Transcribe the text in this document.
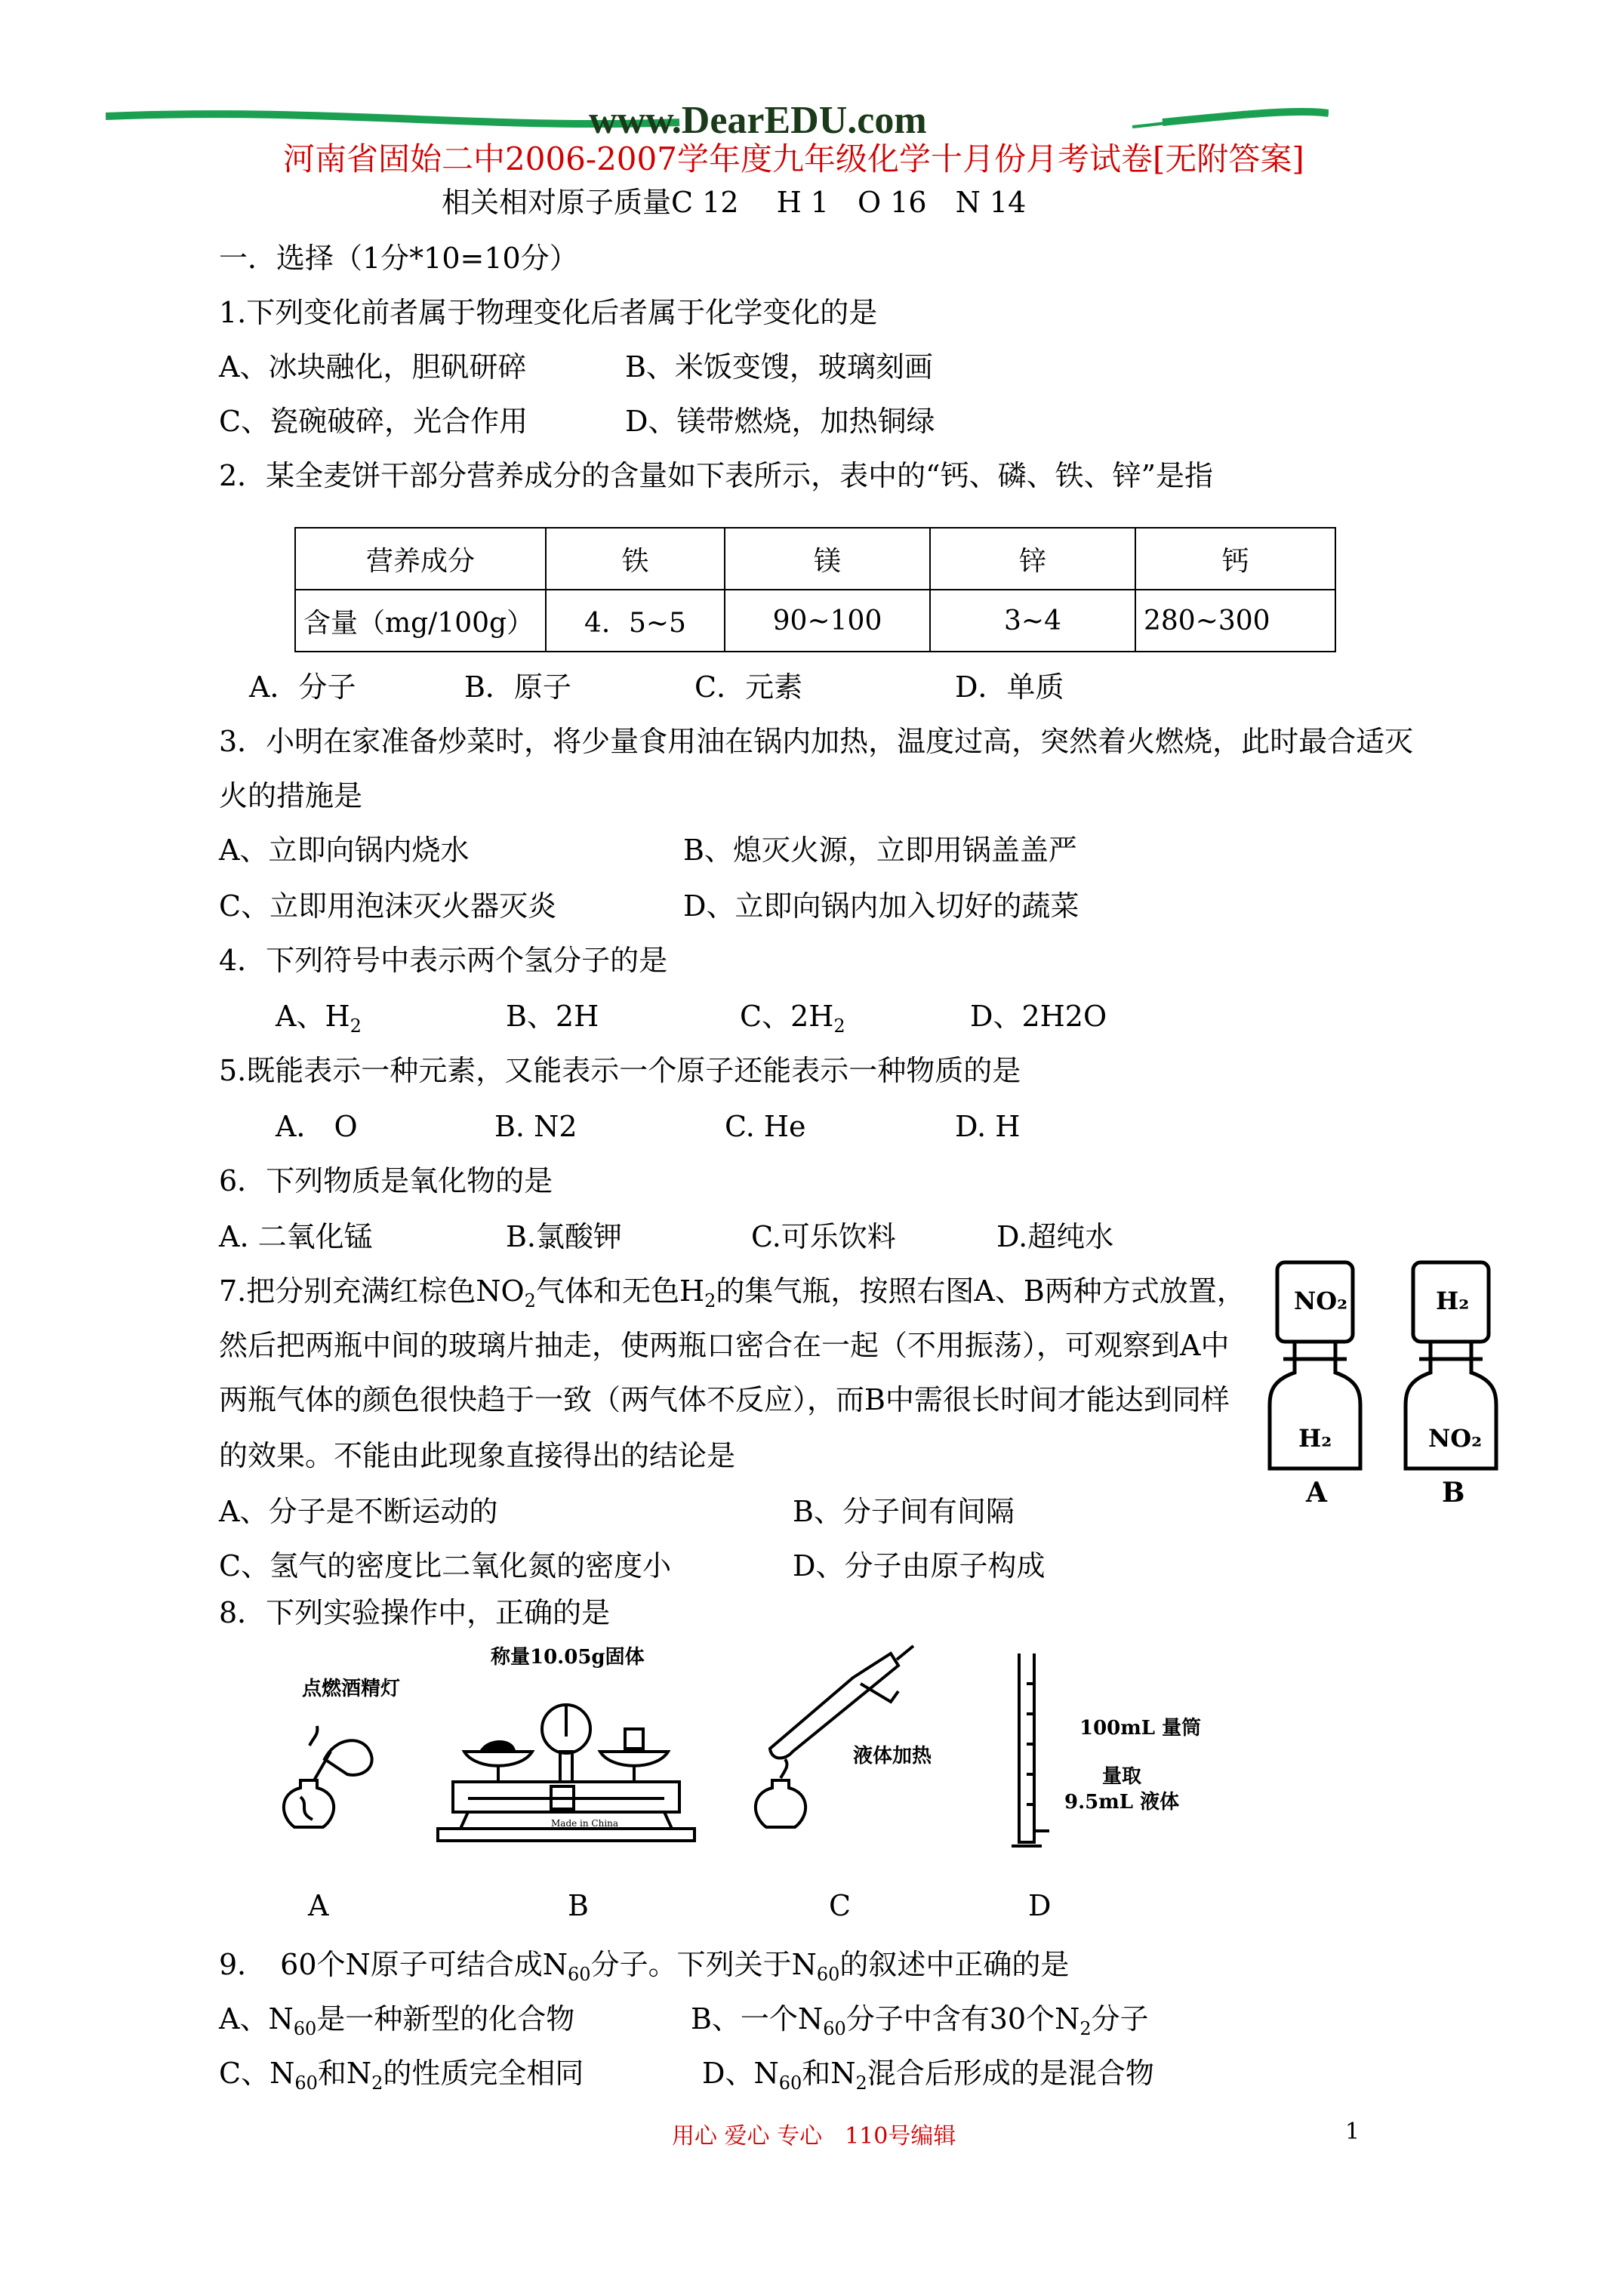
www.DearEDU.com
河南省固始二中2006-2007学年度九年级化学十月份月考试卷[无附答案]
相关相对原子质量C 12　 H 1　O 16　N 14
一．选择（1分*10=10分）
1.下列变化前者属于物理变化后者属于化学变化的是
A、冰块融化，胆矾研碎	B、米饭变馊，玻璃刻画
C、瓷碗破碎，光合作用	D、镁带燃烧，加热铜绿
2．某全麦饼干部分营养成分的含量如下表所示，表中的“钙、磷、铁、锌”是指
营养成分	铁	镁	锌	钙
含量（mg/100g）	4．5~5	90~100	3~4	280~300
A．分子	B．原子	C．元素	D．单质
3．小明在家准备炒菜时，将少量食用油在锅内加热，温度过高，突然着火燃烧，此时最合适灭
火的措施是
A、立即向锅内烧水	B、熄灭火源，立即用锅盖盖严
C、立即用泡沫灭火器灭炎	D、立即向锅内加入切好的蔬菜
4．下列符号中表示两个氢分子的是
A、$H_2$	B、2H	C、$2H_2$	D、2H2O
5.既能表示一种元素，又能表示一个原子还能表示一种物质的是
A． O	B. N2	C. He	D. H
6．下列物质是氧化物的是
A. 二氧化锰	B.氯酸钾	C.可乐饮料	D.超纯水
7.把分别充满红棕色$NO_2$气体和无色$H_2$的集气瓶，按照右图A、B两种方式放置，
然后把两瓶中间的玻璃片抽走，使两瓶口密合在一起（不用振荡），可观察到A中
两瓶气体的颜色很快趋于一致（两气体不反应），而B中需很长时间才能达到同样
的效果。不能由此现象直接得出的结论是
A、分子是不断运动的	B、分子间有间隔
C、氢气的密度比二氧化氮的密度小	D、分子由原子构成
NO₂
H₂
H₂
NO₂
A	B
8．下列实验操作中，正确的是
点燃酒精灯
称量10.05g固体
液体加热
100mL 量筒
量取
9.5mL 液体
Made in China
A	B	C	D
9．　60个N原子可结合成$N_{60}$分子。下列关于$N_{60}$的叙述中正确的是
A、$N_{60}$是一种新型的化合物	B、一个$N_{60}$分子中含有30个$N_2$分子
C、$N_{60}$和$N_2$的性质完全相同	D、$N_{60}$和$N_2$混合后形成的是混合物
用心 爱心 专心　110号编辑	1
